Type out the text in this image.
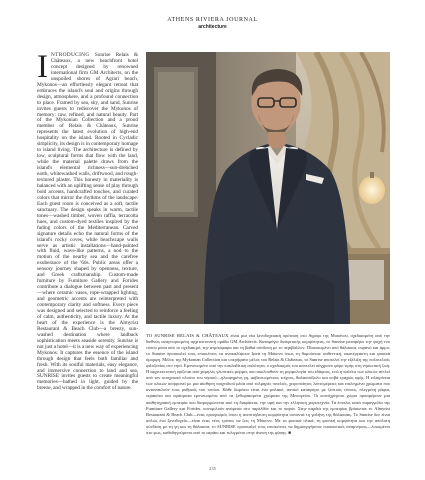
ATHENS RIVIERA JOURNAL
architecture

INTRODUCING Sunrise Relais & Châteaux, a new beachfront hotel concept designed by renowned international firm GM Architects, on the unspoiled shores of Agrari beach, Mykonos—an effortlessly elegant retreat that embraces the island's soul and origins through design, atmosphere, and a profound connection to place. Framed by sea, sky, and sand, Sunrise invites guests to rediscover the Mykonos of memory: raw, refined, and natural beauty. Part of the Mykonian Collection and a proud member of Relais & Châteaux, Sunrise represents the latest evolution of high-end hospitality on the island. Rooted in Cycladic simplicity, its design is in contemporary homage to island living. The architecture is defined by low, sculptural forms that flow with the land, while the material palette draws from the island's elemental richness—sun-drenched earth, whitewashed walls, driftwood, and rough-textured plaster. This honesty in materiality is balanced with an uplifting sense of play through bold accents, handcrafted touches, and curated colors that mirror the rhythms of the landscape. Each guest room is conceived as a soft, tactile sanctuary. The design speaks in warm, tactile tones—washed timber, woven raffia, terracotta hues, and custom-dyed textiles inspired by the fading colors of the Mediterranean. Carved signature details echo the natural forms of the island's rocky coves, while beachscape walls serve as artistic installations—hand-painted with fluid, wave-like patterns, a nod to the motion of the nearby sea and the carefree exuberance of the '60s. Public areas offer a sensory journey shaped by openness, texture, and Greek craftsmanship. Custom-made furniture by Furniture Gallery and Forides contribute a dialogue between past and present—where ceramic vases, rope-wrapped lighting, and geometric accents are reinterpreted with contemporary clarity and softness. Every piece was designed and selected to reinforce a feeling of calm, authenticity, and tactile luxury. At the heart of the experience is the Almyrist Restaurant & Beach Club—a breezy, sun-washed destination where laidback sophistication meets seaside serenity. Sunrise is not just a hotel—it is a new way of experiencing Mykonos. It captures the essence of the island through design that feels both familiar and fresh. With its soulful materials, easy elegance, and immersive connection to land and sea, SUNRISE invites guests to create meaningful memories—bathed in light, guided by the breeze, and wrapped in the comfort of nature.

ΤΟ SUNRISE RELAIS & CHÂTEAUX είναι μια νέα ξενοδοχειακή πρόταση στο Αγράρι της Μυκόνου, σχεδιασμένη από την διεθνώς αναγνωρισμένη αρχιτεκτονική ομάδα GM Architects. Καταφύγιο διακριτικής κομψότητας, το Sunrise μεταφέρει την ψυχή του τόπου μέσα από το σχεδιασμό, την ατμόσφαιρα και τη βαθιά σύνδεση με το περιβάλλον. Πλαισιωμένο από θάλασσα, ουρανό και άμμο, το Sunrise προσκαλεί τους επισκέπτες να ανακαλύψουν ξανά τη Μύκονο όπως τη θυμούνται: αυθεντική, ακατέργαστη και φυσικά όμορφη. Μέλος της Mykonian Collection και υπερήφανο μέλος του Relais & Châteaux, το Sunrise αποτελεί την εξέλιξη της πολυτελούς φιλοξενίας στο νησί. Εμπνευσμένο από την κυκλαδίτικη απλότητα, ο σχεδιασμός του αποτελεί σύγχρονο φόρο τιμής στη νησιωτική ζωή. Η αρχιτεκτονική ορίζεται από χαμηλές γλυπτικές φόρμες που ακολουθούν τη μορφολογία του εδάφους, ενώ η παλέτα των υλικών αντλεί από τον στοιχειακό πλούτο του νησιού—ηλιοψημένη γη, ασβεστωμένους τοίχους, θαλασσόξυλο και σοβά τραχιάς υφής. Η ειλικρίνεια των υλικών ισορροπεί με μια αίσθηση παιχνιδιού μέσα από τολμηρές πινελιές, χειροποίητες λεπτομέρειες και επιλεγμένα χρώματα που αντανακλούν τους ρυθμούς του τοπίου. Κάθε δωμάτιο είναι ένα μαλακό, απτικό καταφύγιο με ζεστούς τόνους, πλεγμένη ράφια, τερακότα και υφάσματα εμπνευσμένα από τα ξεθωριασμένα χρώματα της Μεσογείου. Οι κοινόχρηστοι χώροι προσφέρουν μια αισθητηριακή εμπειρία που διαμορφώνεται από τη διαφάνεια, την υφή και την ελληνική χειροτεχνία. Τα έπιπλα, κατά παραγγελία της Furniture Gallery και Forides, συνομιλούν ανάμεσα στο παρελθόν και το παρόν. Στην καρδιά της εμπειρίας βρίσκεται το Almyrist Restaurant & Beach Club—ένας προορισμός όπου η ανεπιτήδευτη κομψότητα συναντά τη γαλήνη της θάλασσας. Το Sunrise δεν είναι απλώς ένα ξενοδοχείο—είναι ένας νέος τρόπος να ζεις τη Μύκονο. Με τα φυσικά υλικά, τη φυσική κομψότητα και την απόλυτη σύνδεση με τη γη και τη θάλασσα, το SUNRISE προσκαλεί τους επισκέπτες να δημιουργήσουν ουσιαστικές αναμνήσεις—λουσμένοι στο φως, καθοδηγούμενοι από το αεράκι και τυλιγμένοι στην άνεση της φύσης. ■
235
